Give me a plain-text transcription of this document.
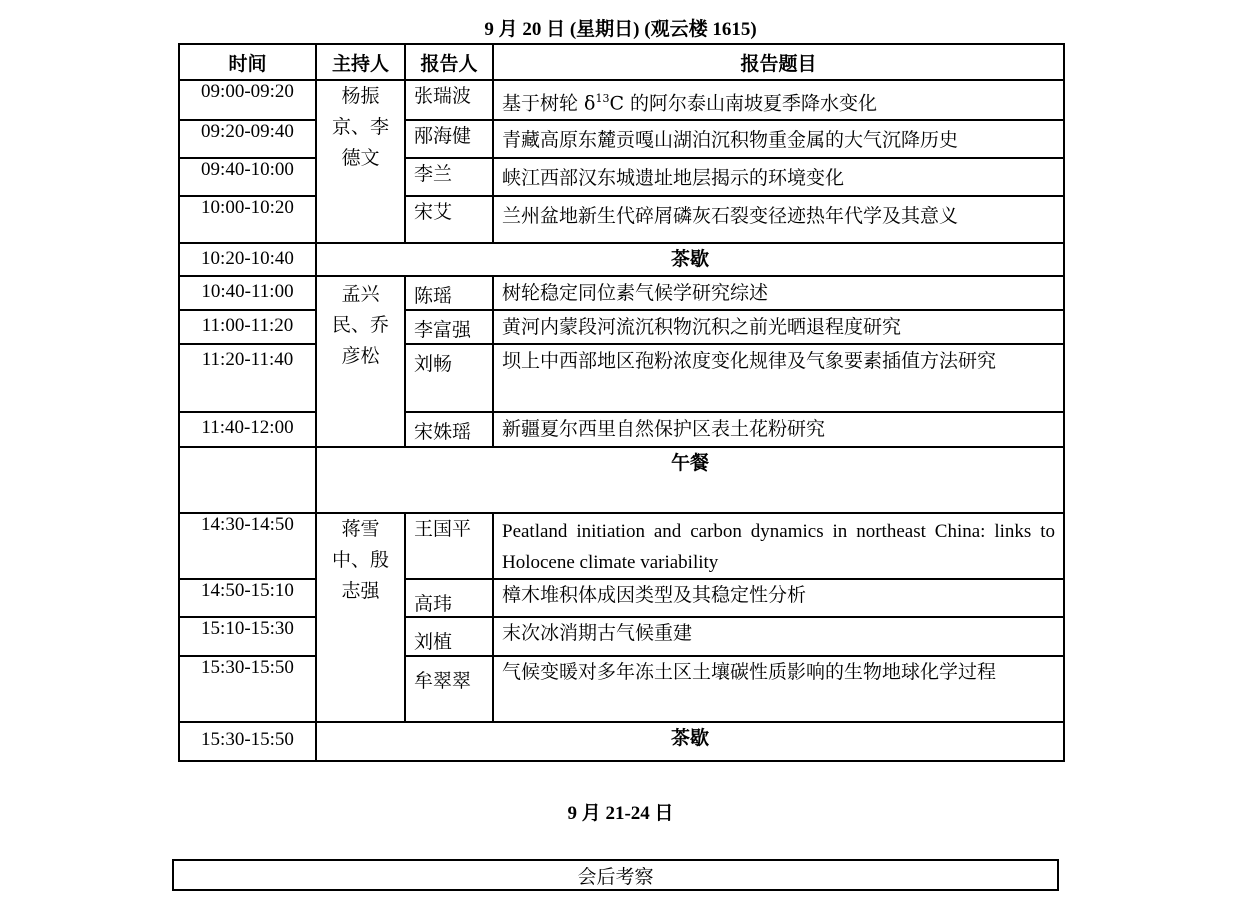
9 月 20 日 (星期日) (观云楼 1615)
时间	主持人	报告人	报告题目
09:00-09:20	杨振京、李德文	张瑞波	基于树轮 $\delta^{13}C$ 的阿尔泰山南坡夏季降水变化
09:20-09:40		邴海健	青藏高原东麓贡嘎山湖泊沉积物重金属的大气沉降历史
09:40-10:00		李兰	峡江西部汉东城遗址地层揭示的环境变化
10:00-10:20		宋艾	兰州盆地新生代碎屑磷灰石裂变径迹热年代学及其意义
10:20-10:40	茶歇		
10:40-11:00	孟兴民、乔彦松	陈瑶	树轮稳定同位素气候学研究综述
11:00-11:20		李富强	黄河内蒙段河流沉积物沉积之前光晒退程度研究
11:20-11:40		刘畅	坝上中西部地区孢粉浓度变化规律及气象要素插值方法研究
11:40-12:00		宋姝瑶	新疆夏尔西里自然保护区表土花粉研究
	午餐		
14:30-14:50	蒋雪中、殷志强	王国平	Peatland initiation and carbon dynamics in northeast China: links to Holocene climate variability
14:50-15:10		高玮	樟木堆积体成因类型及其稳定性分析
15:10-15:30		刘植	末次冰消期古气候重建
15:30-15:50		牟翠翠	气候变暖对多年冻土区土壤碳性质影响的生物地球化学过程
15:30-15:50	茶歇		
9 月 21-24 日
会后考察
